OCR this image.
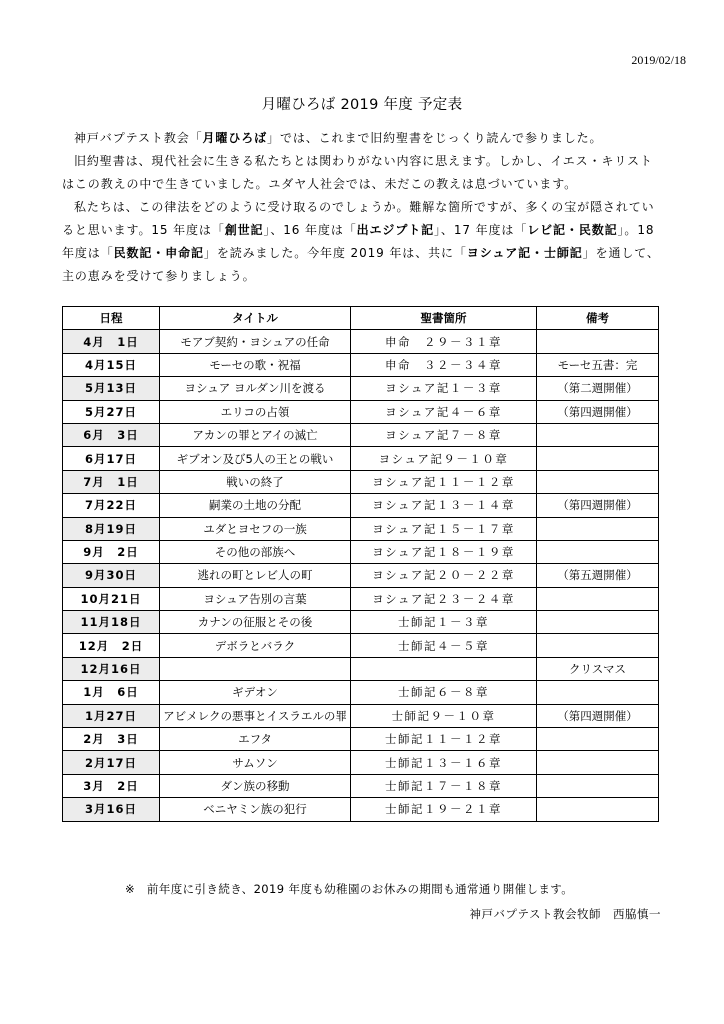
2019/02/18
月曜ひろば 2019 年度 予定表

神戸バプテスト教会「月曜ひろば」では、これまで旧約聖書をじっくり読んで参りました。

旧約聖書は、現代社会に生きる私たちとは関わりがない内容に思えます。しかし、イエス・キリストはこの教えの中で生きていました。ユダヤ人社会では、未だこの教えは息づいています。

私たちは、この律法をどのように受け取るのでしょうか。難解な箇所ですが、多くの宝が隠されていると思います。15 年度は「創世記」、16 年度は「出エジプト記」、17 年度は「レビ記・民数記」。18 年度は「民数記・申命記」を読みました。今年度 2019 年は、共に「ヨシュア記・士師記」を通して、主の恵みを受けて参りましょう。

日程	タイトル	聖書箇所	備考
4月　1日	モアブ契約・ヨシュアの任命	申命　２９－３１章	
4月15日	モーセの歌・祝福	申命　３２－３４章	モーセ五書：完
5月13日	ヨシュア ヨルダン川を渡る	ヨシュア記１－３章	（第二週開催）
5月27日	エリコの占領	ヨシュア記４－６章	（第四週開催）
6月　3日	アカンの罪とアイの滅亡	ヨシュア記７－８章	
6月17日	ギブオン及び5人の王との戦い	ヨシュア記９－１０章	
7月　1日	戦いの終了	ヨシュア記１１－１２章	
7月22日	嗣業の土地の分配	ヨシュア記１３－１４章	（第四週開催）
8月19日	ユダとヨセフの一族	ヨシュア記１５－１７章	
9月　2日	その他の部族へ	ヨシュア記１８－１９章	
9月30日	逃れの町とレビ人の町	ヨシュア記２０－２２章	（第五週開催）
10月21日	ヨシュア告別の言葉	ヨシュア記２３－２４章	
11月18日	カナンの征服とその後	士師記１－３章	
12月　2日	デボラとバラク	士師記４－５章	
12月16日			クリスマス
1月　6日	ギデオン	士師記６－８章	
1月27日	アビメレクの悪事とイスラエルの罪	士師記９－１０章	（第四週開催）
2月　3日	エフタ	士師記１１－１２章	
2月17日	サムソン	士師記１３－１６章	
3月　2日	ダン族の移動	士師記１７－１８章	
3月16日	ベニヤミン族の犯行	士師記１９－２１章	
※　前年度に引き続き、2019 年度も幼稚園のお休みの期間も通常通り開催します。
神戸バプテスト教会牧師　西脇慎一
